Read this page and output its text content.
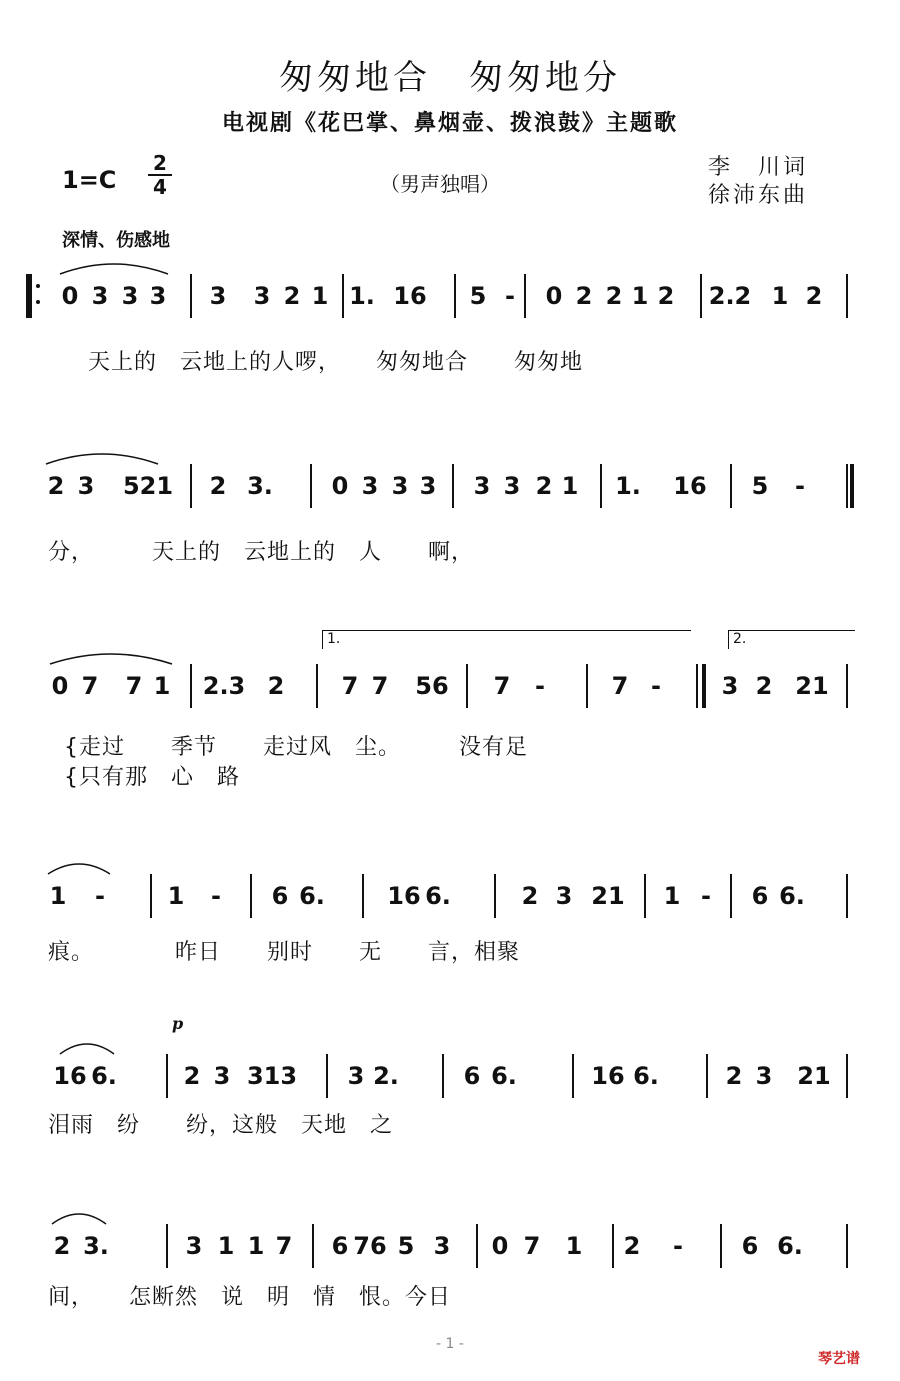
匆匆地合　匆匆地分
电视剧《花巴掌、鼻烟壶、拨浪鼓》主题歌
1=C
2
4	（男声独唱）
李　川词
徐沛东曲
深情、伤感地
0 3 3 3 3 3 2 1 1. 16 5 - 0 2 2 1 2 2.2 1 2
天上的　云地上的人啰，　　匆匆地合　　匆匆地
2 3 521 2 3. 0 3 3 3 3 3 2 1 1. 16 5 -
分，　　　天上的　云地上的　人　　啊，
1.	2.
0 7 7 1 2.3 2 7 7 56 7 -	7 -	3 2 21
{走过　　季节　　走过风　尘。　　　没有足
{只有那　心　路
1 -	1 - 6 6.	16 6.	2 3 21 1 - 6 6.
痕。　　　　昨日　　别时　　无　　言，相聚
16 6.	2 3 313 3 2.	6 6.	16 6.	2 3 21
泪雨　纷　　纷，这般　天地　之
2 3.	3 1 1 7 6 76 5 3 0 7 1 2 - 6 6.
间，　　怎断然　说　明　情　恨。今日
p
- 1 -
琴艺谱
